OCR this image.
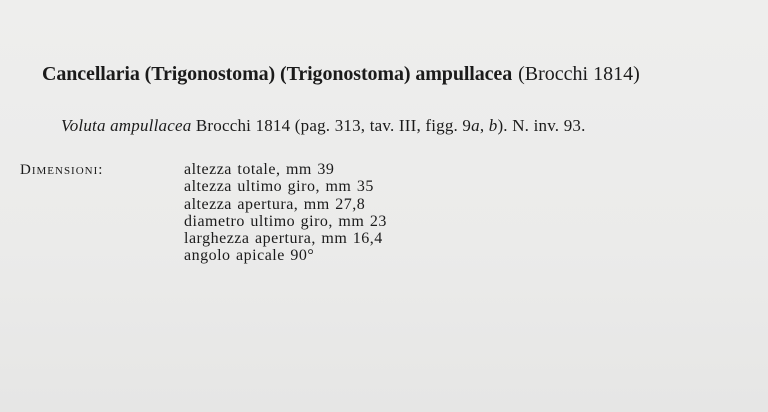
Cancellaria (Trigonostoma) (Trigonostoma) ampullacea (Brocchi 1814)
Voluta ampullacea Brocchi 1814 (pag. 313, tav. III, figg. 9a, b). N. inv. 93.
Dimensioni:	altezza totale, mm 39
altezza ultimo giro, mm 35
altezza apertura, mm 27,8
diametro ultimo giro, mm 23
larghezza apertura, mm 16,4
angolo apicale 90°
